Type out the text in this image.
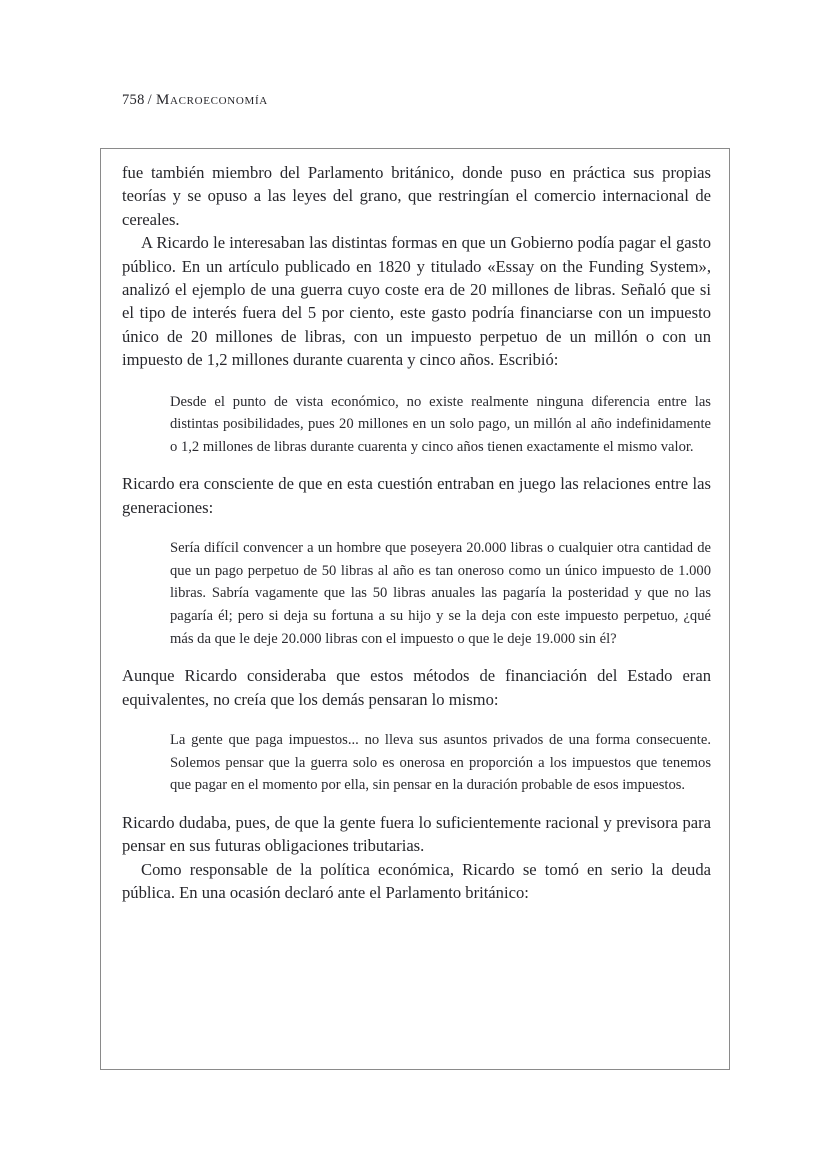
758 / Macroeconomía

fue también miembro del Parlamento británico, donde puso en práctica sus propias teorías y se opuso a las leyes del grano, que restringían el comercio internacional de cereales.

A Ricardo le interesaban las distintas formas en que un Gobierno podía pagar el gasto público. En un artículo publicado en 1820 y titulado «Essay on the Funding System», analizó el ejemplo de una guerra cuyo coste era de 20 millones de libras. Señaló que si el tipo de interés fuera del 5 por ciento, este gasto podría financiarse con un impuesto único de 20 millones de libras, con un impuesto perpetuo de un millón o con un impuesto de 1,2 millones durante cuarenta y cinco años. Escribió:

Desde el punto de vista económico, no existe realmente ninguna diferencia entre las distintas posibilidades, pues 20 millones en un solo pago, un millón al año indefinidamente o 1,2 millones de libras durante cuarenta y cinco años tienen exactamente el mismo valor.

Ricardo era consciente de que en esta cuestión entraban en juego las relaciones entre las generaciones:

Sería difícil convencer a un hombre que poseyera 20.000 libras o cualquier otra cantidad de que un pago perpetuo de 50 libras al año es tan oneroso como un único impuesto de 1.000 libras. Sabría vagamente que las 50 libras anuales las pagaría la posteridad y que no las pagaría él; pero si deja su fortuna a su hijo y se la deja con este impuesto perpetuo, ¿qué más da que le deje 20.000 libras con el impuesto o que le deje 19.000 sin él?

Aunque Ricardo consideraba que estos métodos de financiación del Estado eran equivalentes, no creía que los demás pensaran lo mismo:

La gente que paga impuestos... no lleva sus asuntos privados de una forma consecuente. Solemos pensar que la guerra solo es onerosa en proporción a los impuestos que tenemos que pagar en el momento por ella, sin pensar en la duración probable de esos impuestos.

Ricardo dudaba, pues, de que la gente fuera lo suficientemente racional y previsora para pensar en sus futuras obligaciones tributarias.

Como responsable de la política económica, Ricardo se tomó en serio la deuda pública. En una ocasión declaró ante el Parlamento británico:
